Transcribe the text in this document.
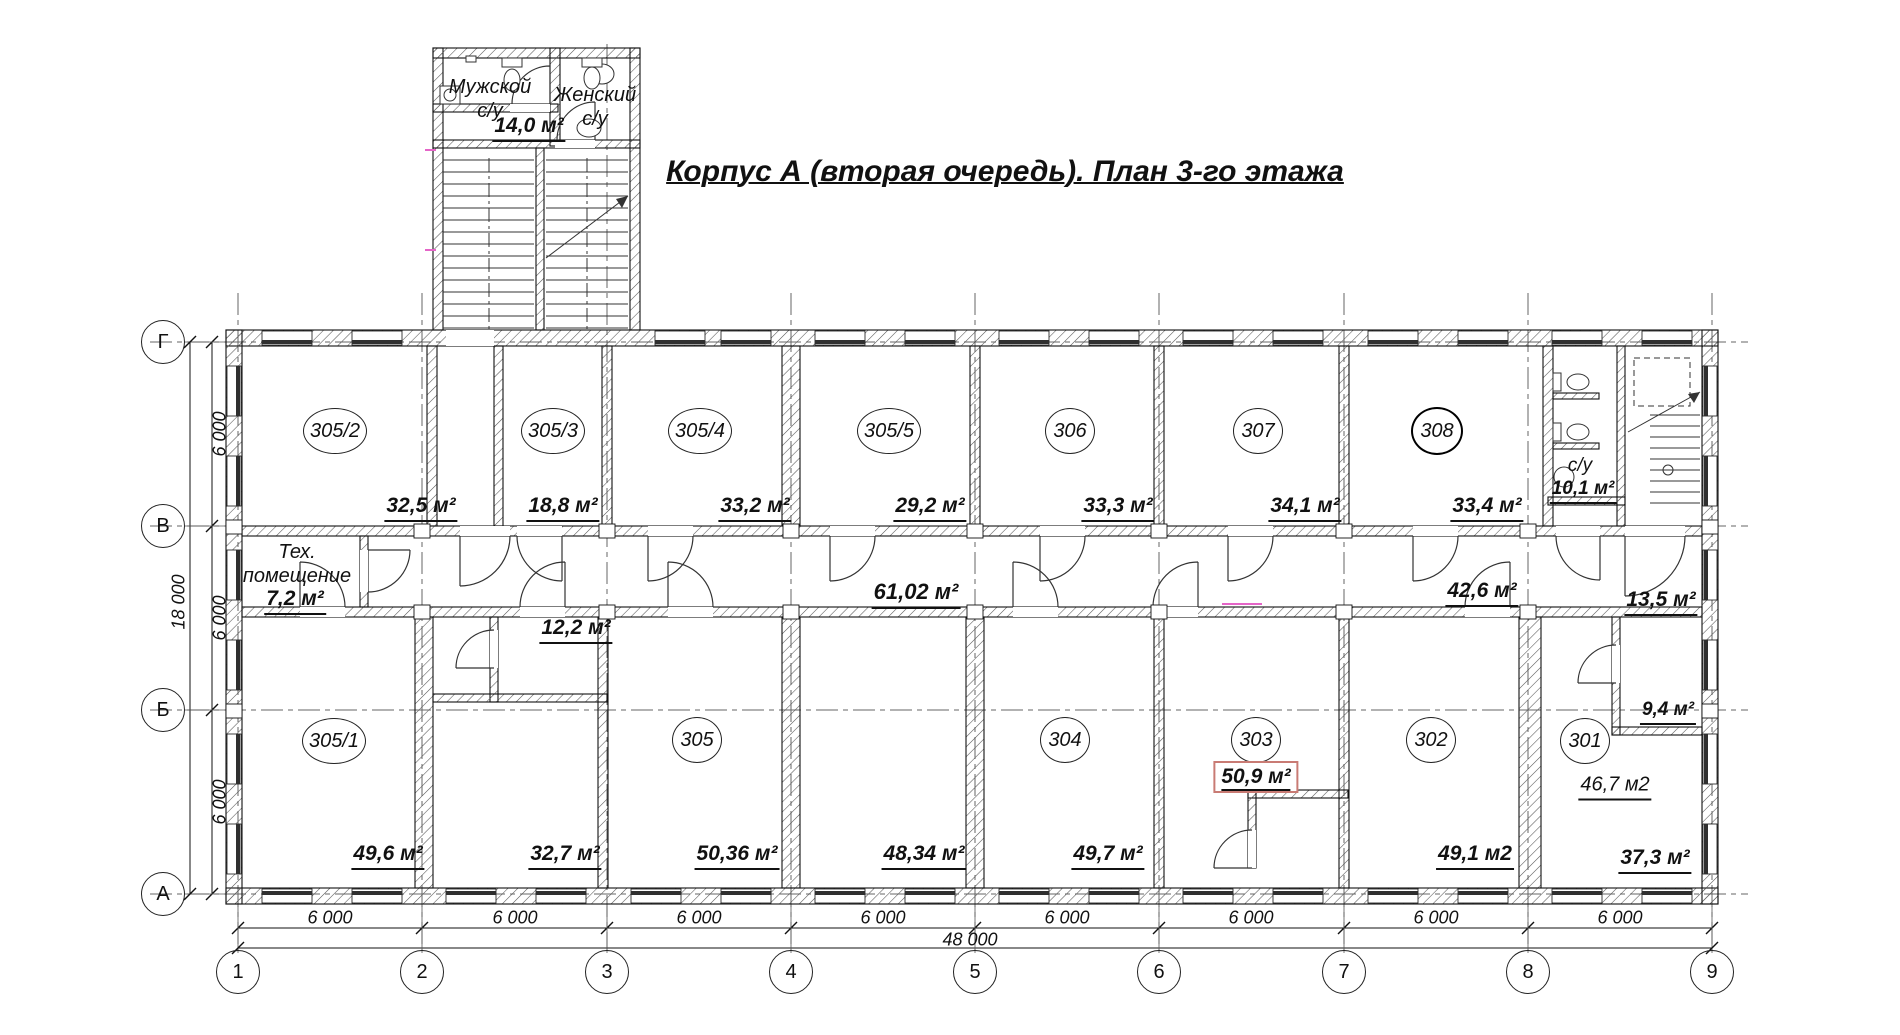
Корпус А (вторая очередь). План 3-го этажа
305/2	305/3	305/4	305/5	306	307	308
305/1	305	304	303	302	301
32,5 м²	18,8 м²	33,2 м²	29,2 м²	33,3 м²	34,1 м²	33,4 м²
49,6 м²	32,7 м²	50,36 м²	48,34 м²	49,7 м²
50,9 м²
49,1 м2
46,7 м2
37,3 м²
14,0 м²
7,2 м²	61,02 м²
12,2 м²
42,6 м²	13,5 м²
9,4 м²
с/у
10,1 м²
Мужской
с/у
Женский
с/у
Тех.
помещение
1	2	3	4	5	6	7	8	9
Г
В
Б
А
6 000	6 000	6 000	6 000	6 000	6 000	6 000	6 000
48 000
6 000
6 000
6 000
18 000
